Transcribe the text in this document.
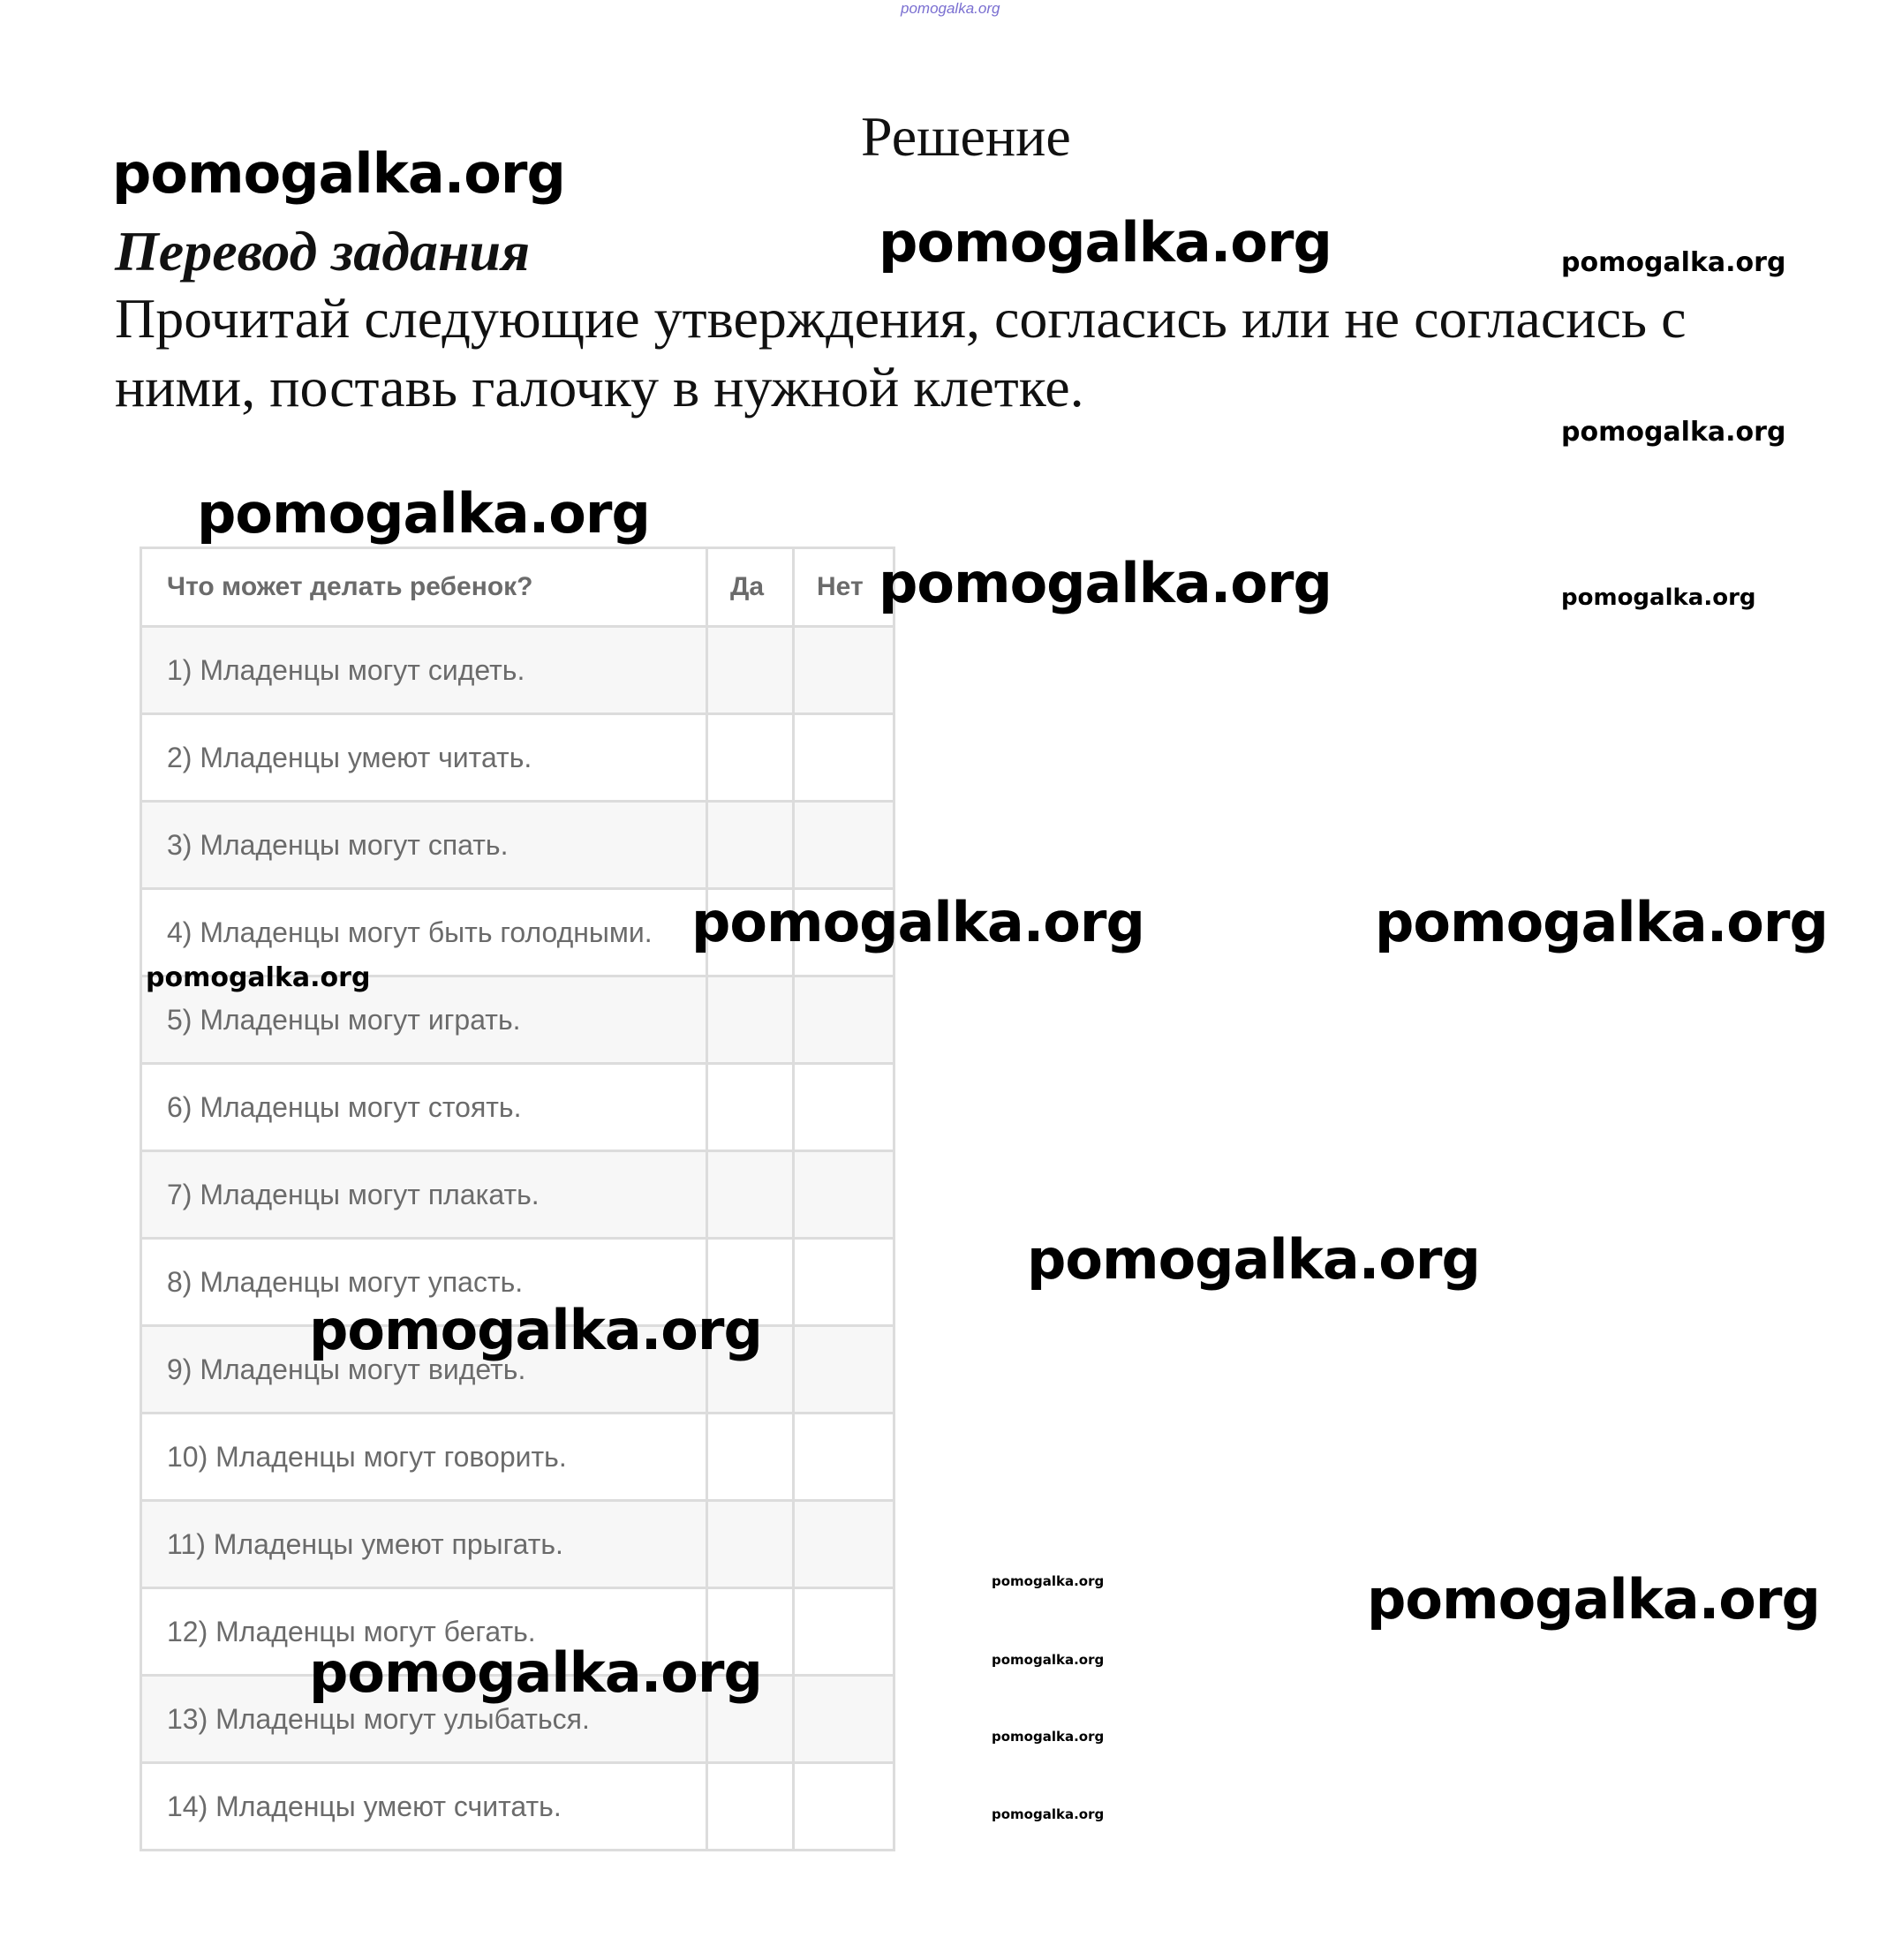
pomogalka.org
Решение
Перевод задания
Прочитай следующие утверждения, согласись или не согласись с ними, поставь галочку в нужной клетке.
Что может делать ребенок?	Да	Нет
1) Младенцы могут сидеть.		
2) Младенцы умеют читать.		
3) Младенцы могут спать.		
4) Младенцы могут быть голодными.		
5) Младенцы могут играть.		
6) Младенцы могут стоять.		
7) Младенцы могут плакать.		
8) Младенцы могут упасть.		
9) Младенцы могут видеть.		
10) Младенцы могут говорить.		
11) Младенцы умеют прыгать.		
12) Младенцы могут бегать.		
13) Младенцы могут улыбаться.		
14) Младенцы умеют считать.		
pomogalka.org
pomogalka.org	pomogalka.org
pomogalka.org
pomogalka.org
pomogalka.org	pomogalka.org
pomogalka.org	pomogalka.org
pomogalka.org
pomogalka.org
pomogalka.org
pomogalka.org	pomogalka.org
pomogalka.org
pomogalka.org
pomogalka.org
pomogalka.org
